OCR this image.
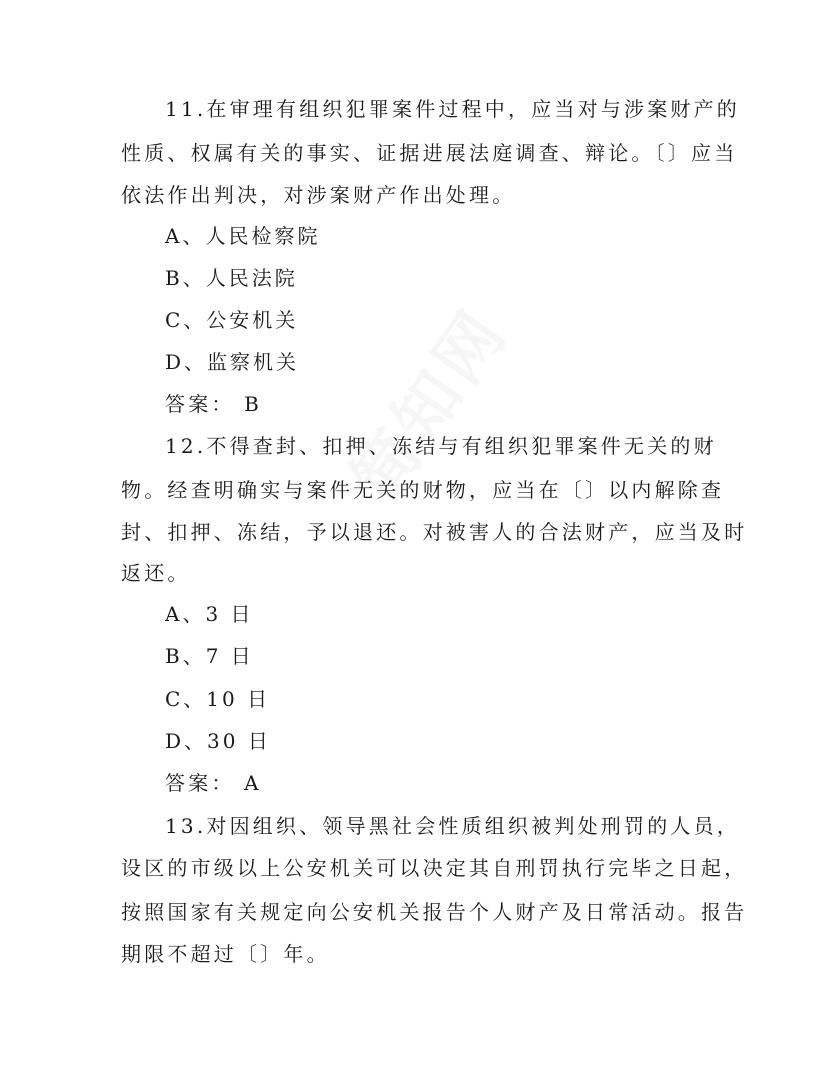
11.在审理有组织犯罪案件过程中，应当对与涉案财产的
性质、权属有关的事实、证据进展法庭调查、辩论。〔〕应当
依法作出判决，对涉案财产作出处理。
A、人民检察院
B、人民法院
C、公安机关
D、监察机关
答案： B
12.不得查封、扣押、冻结与有组织犯罪案件无关的财
物。经查明确实与案件无关的财物，应当在〔〕以内解除查
封、扣押、冻结，予以退还。对被害人的合法财产，应当及时
返还。
A、3 日
B、7 日
C、10 日
D、30 日
答案： A
13.对因组织、领导黑社会性质组织被判处刑罚的人员，
设区的市级以上公安机关可以决定其自刑罚执行完毕之日起，
按照国家有关规定向公安机关报告个人财产及日常活动。报告
期限不超过〔〕年。
